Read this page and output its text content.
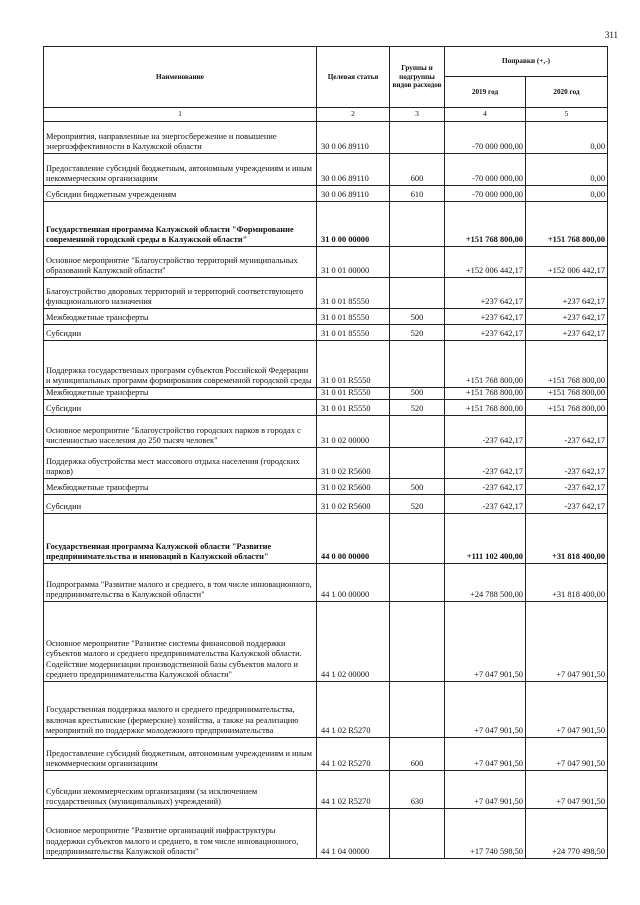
311
Наименование	Целевая статья	Группы и подгруппы видов расходов	Поправки (+,-)	
			2019 год	2020 год
1	2	3	4	5
Мероприятия, направленные на энергосбережение и повышение энергоэффективности в Калужской области	30 0 06 89110		-70 000 000,00	0,00
Предоставление субсидий бюджетным, автономным учреждениям и иным некоммерческим организациям	30 0 06 89110	600	-70 000 000,00	0,00
Субсидии бюджетным учреждениям	30 0 06 89110	610	-70 000 000,00	0,00
Государственная программа Калужской области "Формирование современной городской среды в Калужской области"	31 0 00 00000		+151 768 800,00	+151 768 800,00
Основное мероприятие "Благоустройство территорий муниципальных образований Калужской области"	31 0 01 00000		+152 006 442,17	+152 006 442,17
Благоустройство дворовых территорий и территорий соответствующего функционального назначения	31 0 01 85550		+237 642,17	+237 642,17
Межбюджетные трансферты	31 0 01 85550	500	+237 642,17	+237 642,17
Субсидии	31 0 01 85550	520	+237 642,17	+237 642,17
Поддержка государственных программ субъектов Российской Федерации и муниципальных программ формирования современной городской среды	31 0 01 R5550		+151 768 800,00	+151 768 800,00
Межбюджетные трансферты	31 0 01 R5550	500	+151 768 800,00	+151 768 800,00
Субсидии	31 0 01 R5550	520	+151 768 800,00	+151 768 800,00
Основное мероприятие "Благоустройство городских парков в городах с численностью населения до 250 тысяч человек"	31 0 02 00000		-237 642,17	-237 642,17
Поддержка обустройства мест массового отдыха населения (городских парков)	31 0 02 R5600		-237 642,17	-237 642,17
Межбюджетные трансферты	31 0 02 R5600	500	-237 642,17	-237 642,17
Субсидии	31 0 02 R5600	520	-237 642,17	-237 642,17
Государственная программа Калужской области "Развитие предпринимательства и инноваций в Калужской области"	44 0 00 00000		+111 102 400,00	+31 818 400,00
Подпрограмма "Развитие малого и среднего, в том числе инновационного, предпринимательства в Калужской области"	44 1 00 00000		+24 788 500,00	+31 818 400,00
Основное мероприятие "Развитие системы финансовой поддержки субъектов малого и среднего предпринимательства Калужской области. Содействие модернизации производственной базы субъектов малого и среднего предпринимательства Калужской области"	44 1 02 00000		+7 047 901,50	+7 047 901,50
Государственная поддержка малого и среднего предпринимательства, включая крестьянские (фермерские) хозяйства, а также на реализацию мероприятий по поддержке молодежного предпринимательства	44 1 02 R5270		+7 047 901,50	+7 047 901,50
Предоставление субсидий бюджетным, автономным учреждениям и иным некоммерческим организациям	44 1 02 R5270	600	+7 047 901,50	+7 047 901,50
Субсидии некоммерческим организациям (за исключением государственных (муниципальных) учреждений)	44 1 02 R5270	630	+7 047 901,50	+7 047 901,50
Основное мероприятие "Развитие организаций инфраструктуры поддержки субъектов малого и среднего, в том числе инновационного, предпринимательства Калужской области"	44 1 04 00000		+17 740 598,50	+24 770 498,50
